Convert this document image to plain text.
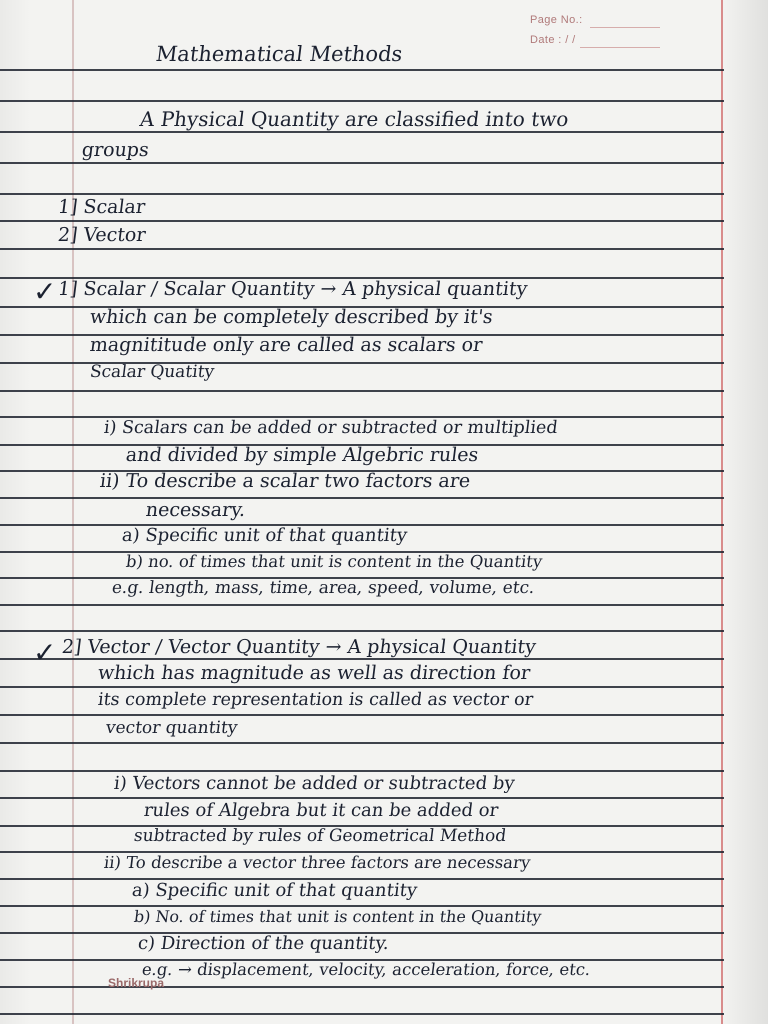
Page No.:
Date : / /
Mathematical Methods
A Physical Quantity are classified into two
groups
1] Scalar
2] Vector
✓ 1] Scalar / Scalar Quantity → A physical quantity
which can be completely described by it's
magnititude only are called as scalars or
Scalar Quatity
i) Scalars can be added or subtracted or multiplied
and divided by simple Algebric rules
ii) To describe a scalar two factors are
necessary.
a) Specific unit of that quantity
b) no. of times that unit is content in the Quantity
e.g. length, mass, time, area, speed, volume, etc.
✓ 2] Vector / Vector Quantity → A physical Quantity
which has magnitude as well as direction for
its complete representation is called as vector or
vector quantity
i) Vectors cannot be added or subtracted by
rules of Algebra but it can be added or
subtracted by rules of Geometrical Method
ii) To describe a vector three factors are necessary
a) Specific unit of that quantity
b) No. of times that unit is content in the Quantity
c) Direction of the quantity.
e.g. → displacement, velocity, acceleration, force, etc.
Shrikrupa
